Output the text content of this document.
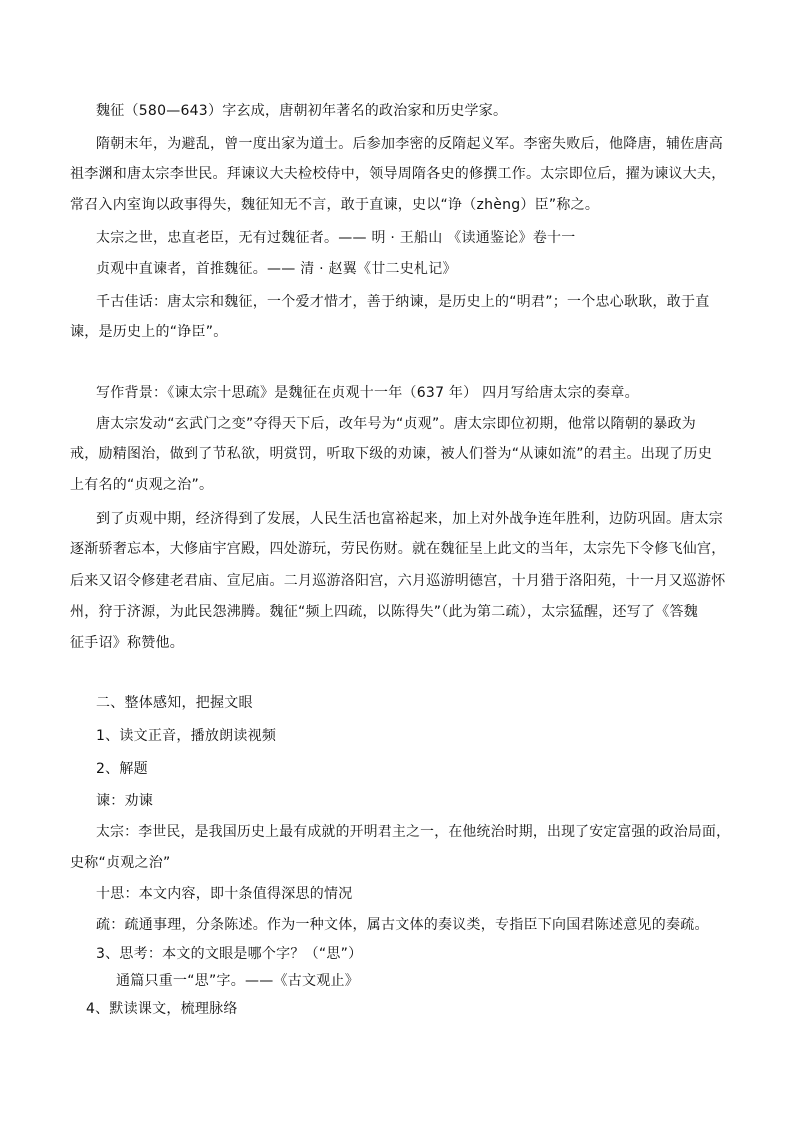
魏征（580—643）字玄成，唐朝初年著名的政治家和历史学家。

隋朝末年，为避乱，曾一度出家为道士。后参加李密的反隋起义军。李密失败后，他降唐，辅佐唐高

祖李渊和唐太宗李世民。拜谏议大夫检校侍中，领导周隋各史的修撰工作。太宗即位后，擢为谏议大夫，

常召入内室询以政事得失，魏征知无不言，敢于直谏，史以“诤（zhèng）臣”称之。

太宗之世，忠直老臣，无有过魏征者。—— 明 · 王船山 《读通鉴论》卷十一

贞观中直谏者，首推魏征。—— 清 · 赵翼《廿二史札记》

千古佳话：唐太宗和魏征，一个爱才惜才，善于纳谏，是历史上的“明君”；一个忠心耿耿，敢于直

谏，是历史上的“诤臣”。

写作背景：《谏太宗十思疏》是魏征在贞观十一年（637 年） 四月写给唐太宗的奏章。

唐太宗发动“玄武门之变”夺得天下后，改年号为“贞观”。唐太宗即位初期，他常以隋朝的暴政为

戒，励精图治，做到了节私欲，明赏罚，听取下级的劝谏，被人们誉为“从谏如流”的君主。出现了历史

上有名的“贞观之治”。

到了贞观中期，经济得到了发展，人民生活也富裕起来，加上对外战争连年胜利，边防巩固。唐太宗

逐渐骄奢忘本，大修庙宇宫殿，四处游玩，劳民伤财。就在魏征呈上此文的当年，太宗先下令修飞仙宫，

后来又诏令修建老君庙、宣尼庙。二月巡游洛阳宫，六月巡游明德宫，十月猎于洛阳苑，十一月又巡游怀

州，狩于济源，为此民怨沸腾。魏征“频上四疏，以陈得失”（此为第二疏），太宗猛醒，还写了《答魏

征手诏》称赞他。

二、整体感知，把握文眼

1、读文正音，播放朗读视频

2、解题

谏：劝谏

太宗：李世民，是我国历史上最有成就的开明君主之一，在他统治时期，出现了安定富强的政治局面，

史称“贞观之治”

十思：本文内容，即十条值得深思的情况

疏：疏通事理，分条陈述。作为一种文体，属古文体的奏议类，专指臣下向国君陈述意见的奏疏。

3、思考：本文的文眼是哪个字？（“思”）

通篇只重一“思”字。——《古文观止》

4、默读课文，梳理脉络
